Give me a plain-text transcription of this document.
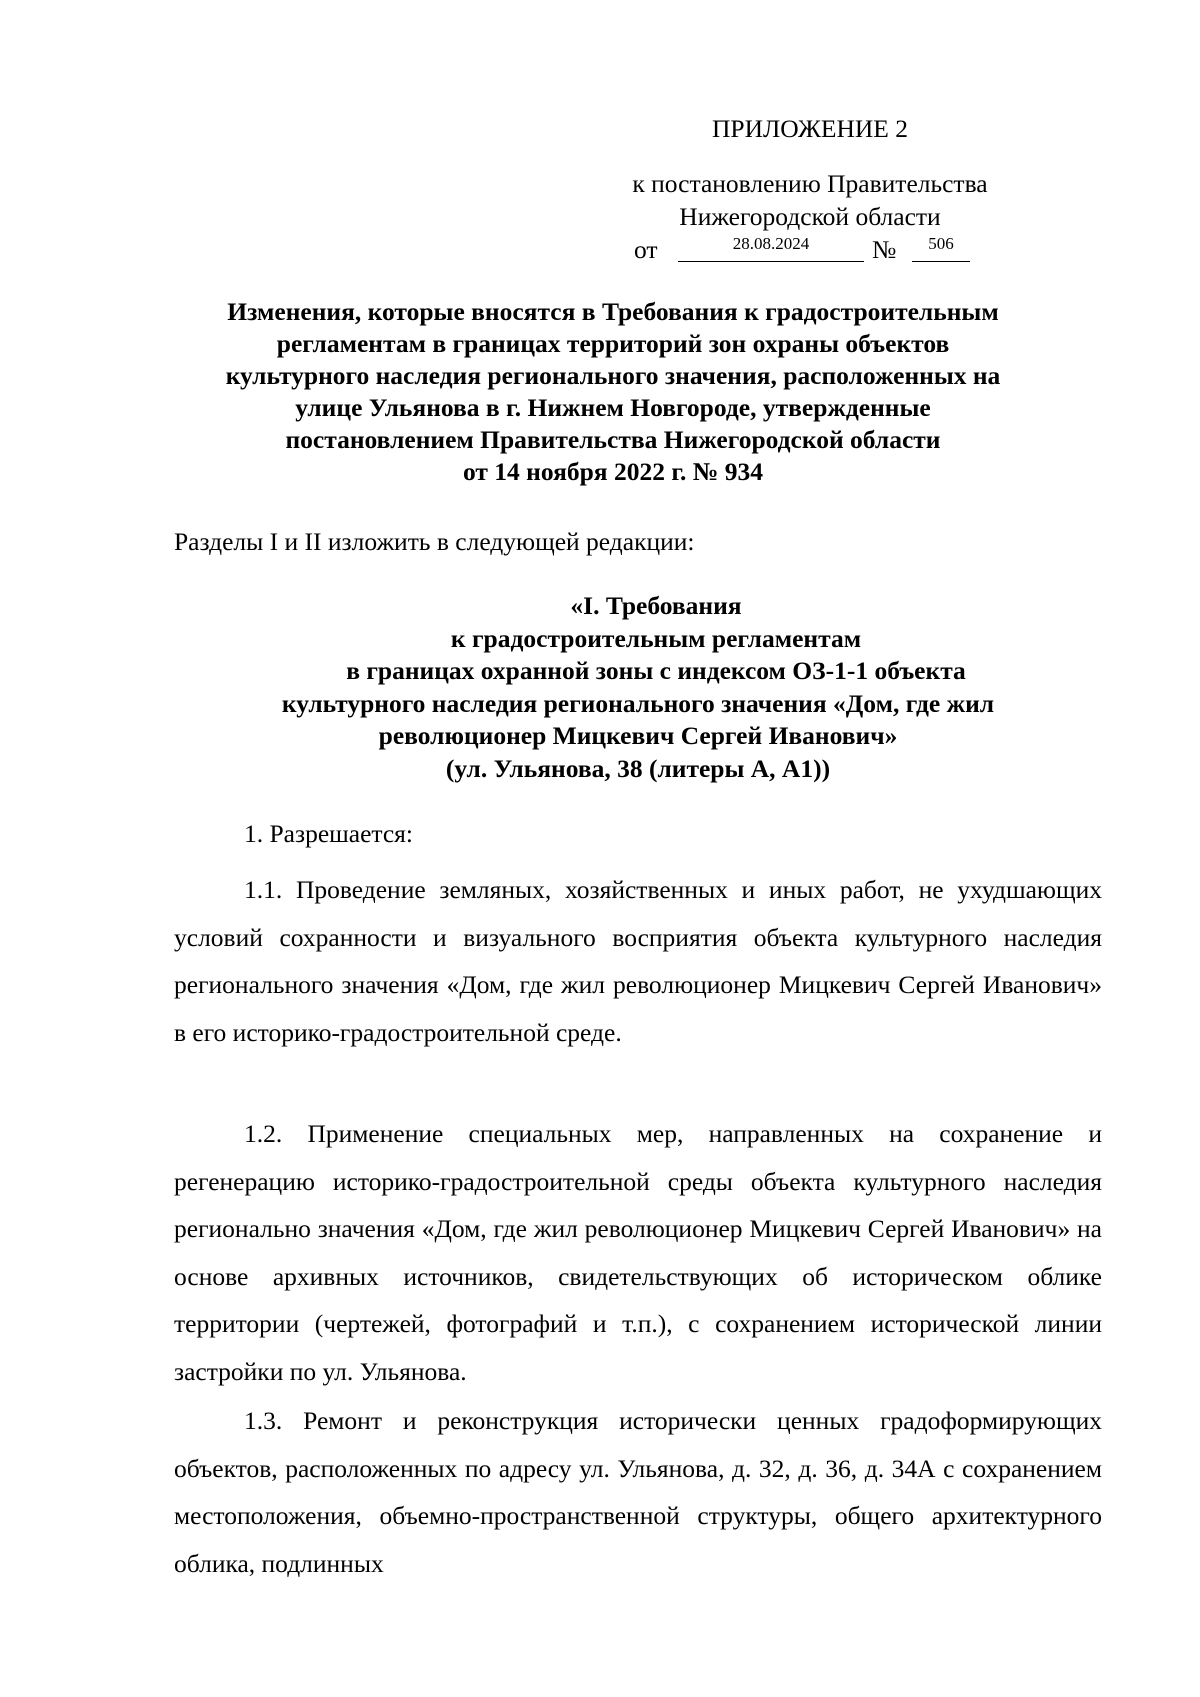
ПРИЛОЖЕНИЕ 2
к постановлению Правительства
Нижегородской области
от	28.08.2024	№	506
Изменения, которые вносятся в Требования к градостроительным
регламентам в границах территорий зон охраны объектов
культурного наследия регионального значения, расположенных на
улице Ульянова в г. Нижнем Новгороде, утвержденные
постановлением Правительства Нижегородской области
от 14 ноября 2022 г. № 934

Разделы I и II изложить в следующей редакции:

«I. Требования
к градостроительным регламентам
в границах охранной зоны с индексом ОЗ-1-1 объекта
культурного наследия регионального значения «Дом, где жил
революционер Мицкевич Сергей Иванович»
(ул. Ульянова, 38 (литеры А, А1))

1. Разрешается:

1.1. Проведение земляных, хозяйственных и иных работ, не ухудшающих условий сохранности и визуального восприятия объекта культурного наследия регионального значения «Дом, где жил революционер Мицкевич Сергей Иванович» в его историко-градостроительной среде.

1.2. Применение специальных мер, направленных на сохранение и регенерацию историко-градостроительной среды объекта культурного наследия регионально значения «Дом, где жил революционер Мицкевич Сергей Иванович» на основе архивных источников, свидетельствующих об историческом облике территории (чертежей, фотографий и т.п.), с сохранением исторической линии застройки по ул. Ульянова.

1.3. Ремонт и реконструкция исторически ценных градоформирующих объектов, расположенных по адресу ул. Ульянова, д. 32, д. 36, д. 34А с сохранением местоположения, объемно-пространственной структуры, общего архитектурного облика, подлинных
